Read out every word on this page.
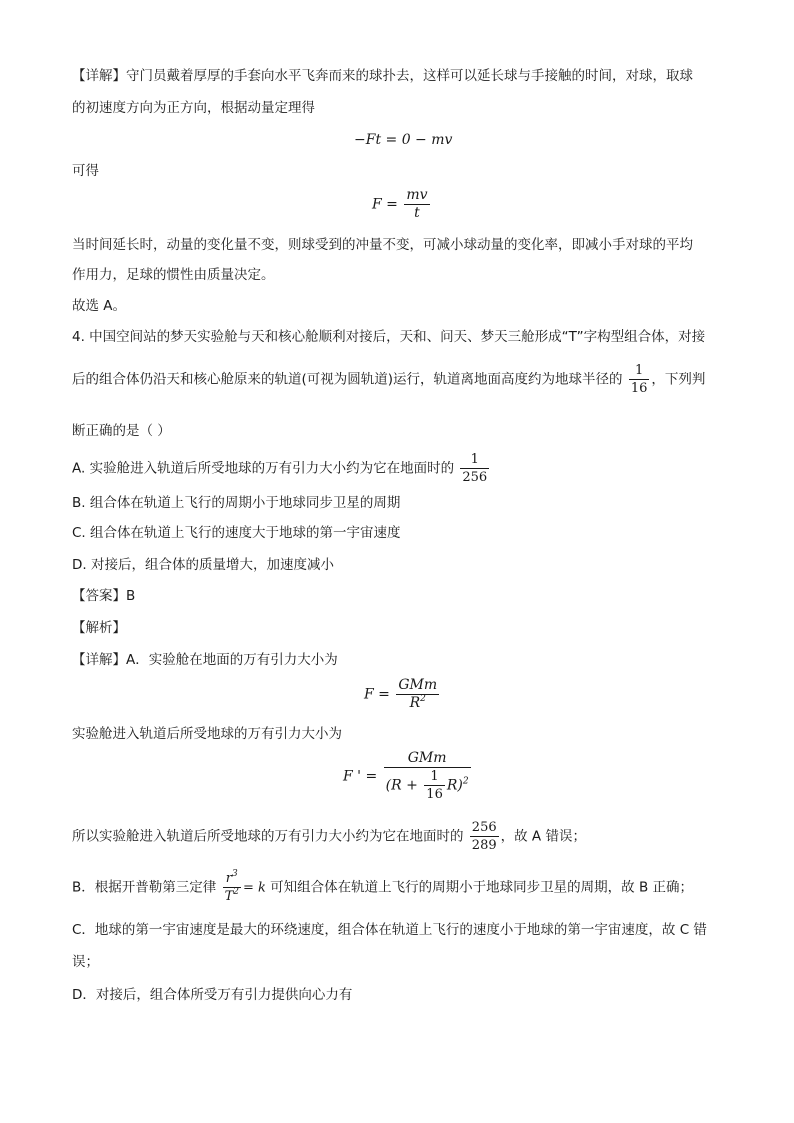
【详解】守门员戴着厚厚的手套向水平飞奔而来的球扑去，这样可以延长球与手接触的时间，对球，取球
的初速度方向为正方向，根据动量定理得
−Ft = 0 − mv
可得
$F = \frac{mv}{t}$
当时间延长时，动量的变化量不变，则球受到的冲量不变，可减小球动量的变化率，即减小手对球的平均
作用力，足球的惯性由质量决定。
故选 A。
4. 中国空间站的梦天实验舱与天和核心舱顺利对接后，天和、问天、梦天三舱形成“T”字构型组合体，对接
后的组合体仍沿天和核心舱原来的轨道(可视为圆轨道)运行，轨道离地面高度约为地球半径的 $\frac{1}{16}$ ，下列判
断正确的是（ ）
A. 实验舱进入轨道后所受地球的万有引力大小约为它在地面时的 $\frac{1}{256}$
B. 组合体在轨道上飞行的周期小于地球同步卫星的周期
C. 组合体在轨道上飞行的速度大于地球的第一宇宙速度
D. 对接后，组合体的质量增大，加速度减小
【答案】B
【解析】
【详解】A．实验舱在地面的万有引力大小为
$F = \frac{\text{GMm}}{R^2}$
实验舱进入轨道后所受地球的万有引力大小为
F ' = $\frac{\text{GMm}}{(R + \frac{1}{16} R)^2}$
所以实验舱进入轨道后所受地球的万有引力大小约为它在地面时的 $\frac{256}{289}$ ，故 A 错误；
B．根据开普勒第三定律 $\frac{r^3}{T^2} = k$ 可知组合体在轨道上飞行的周期小于地球同步卫星的周期，故 B 正确；
C．地球的第一宇宙速度是最大的环绕速度，组合体在轨道上飞行的速度小于地球的第一宇宙速度，故 C 错
误；
D．对接后，组合体所受万有引力提供向心力有
